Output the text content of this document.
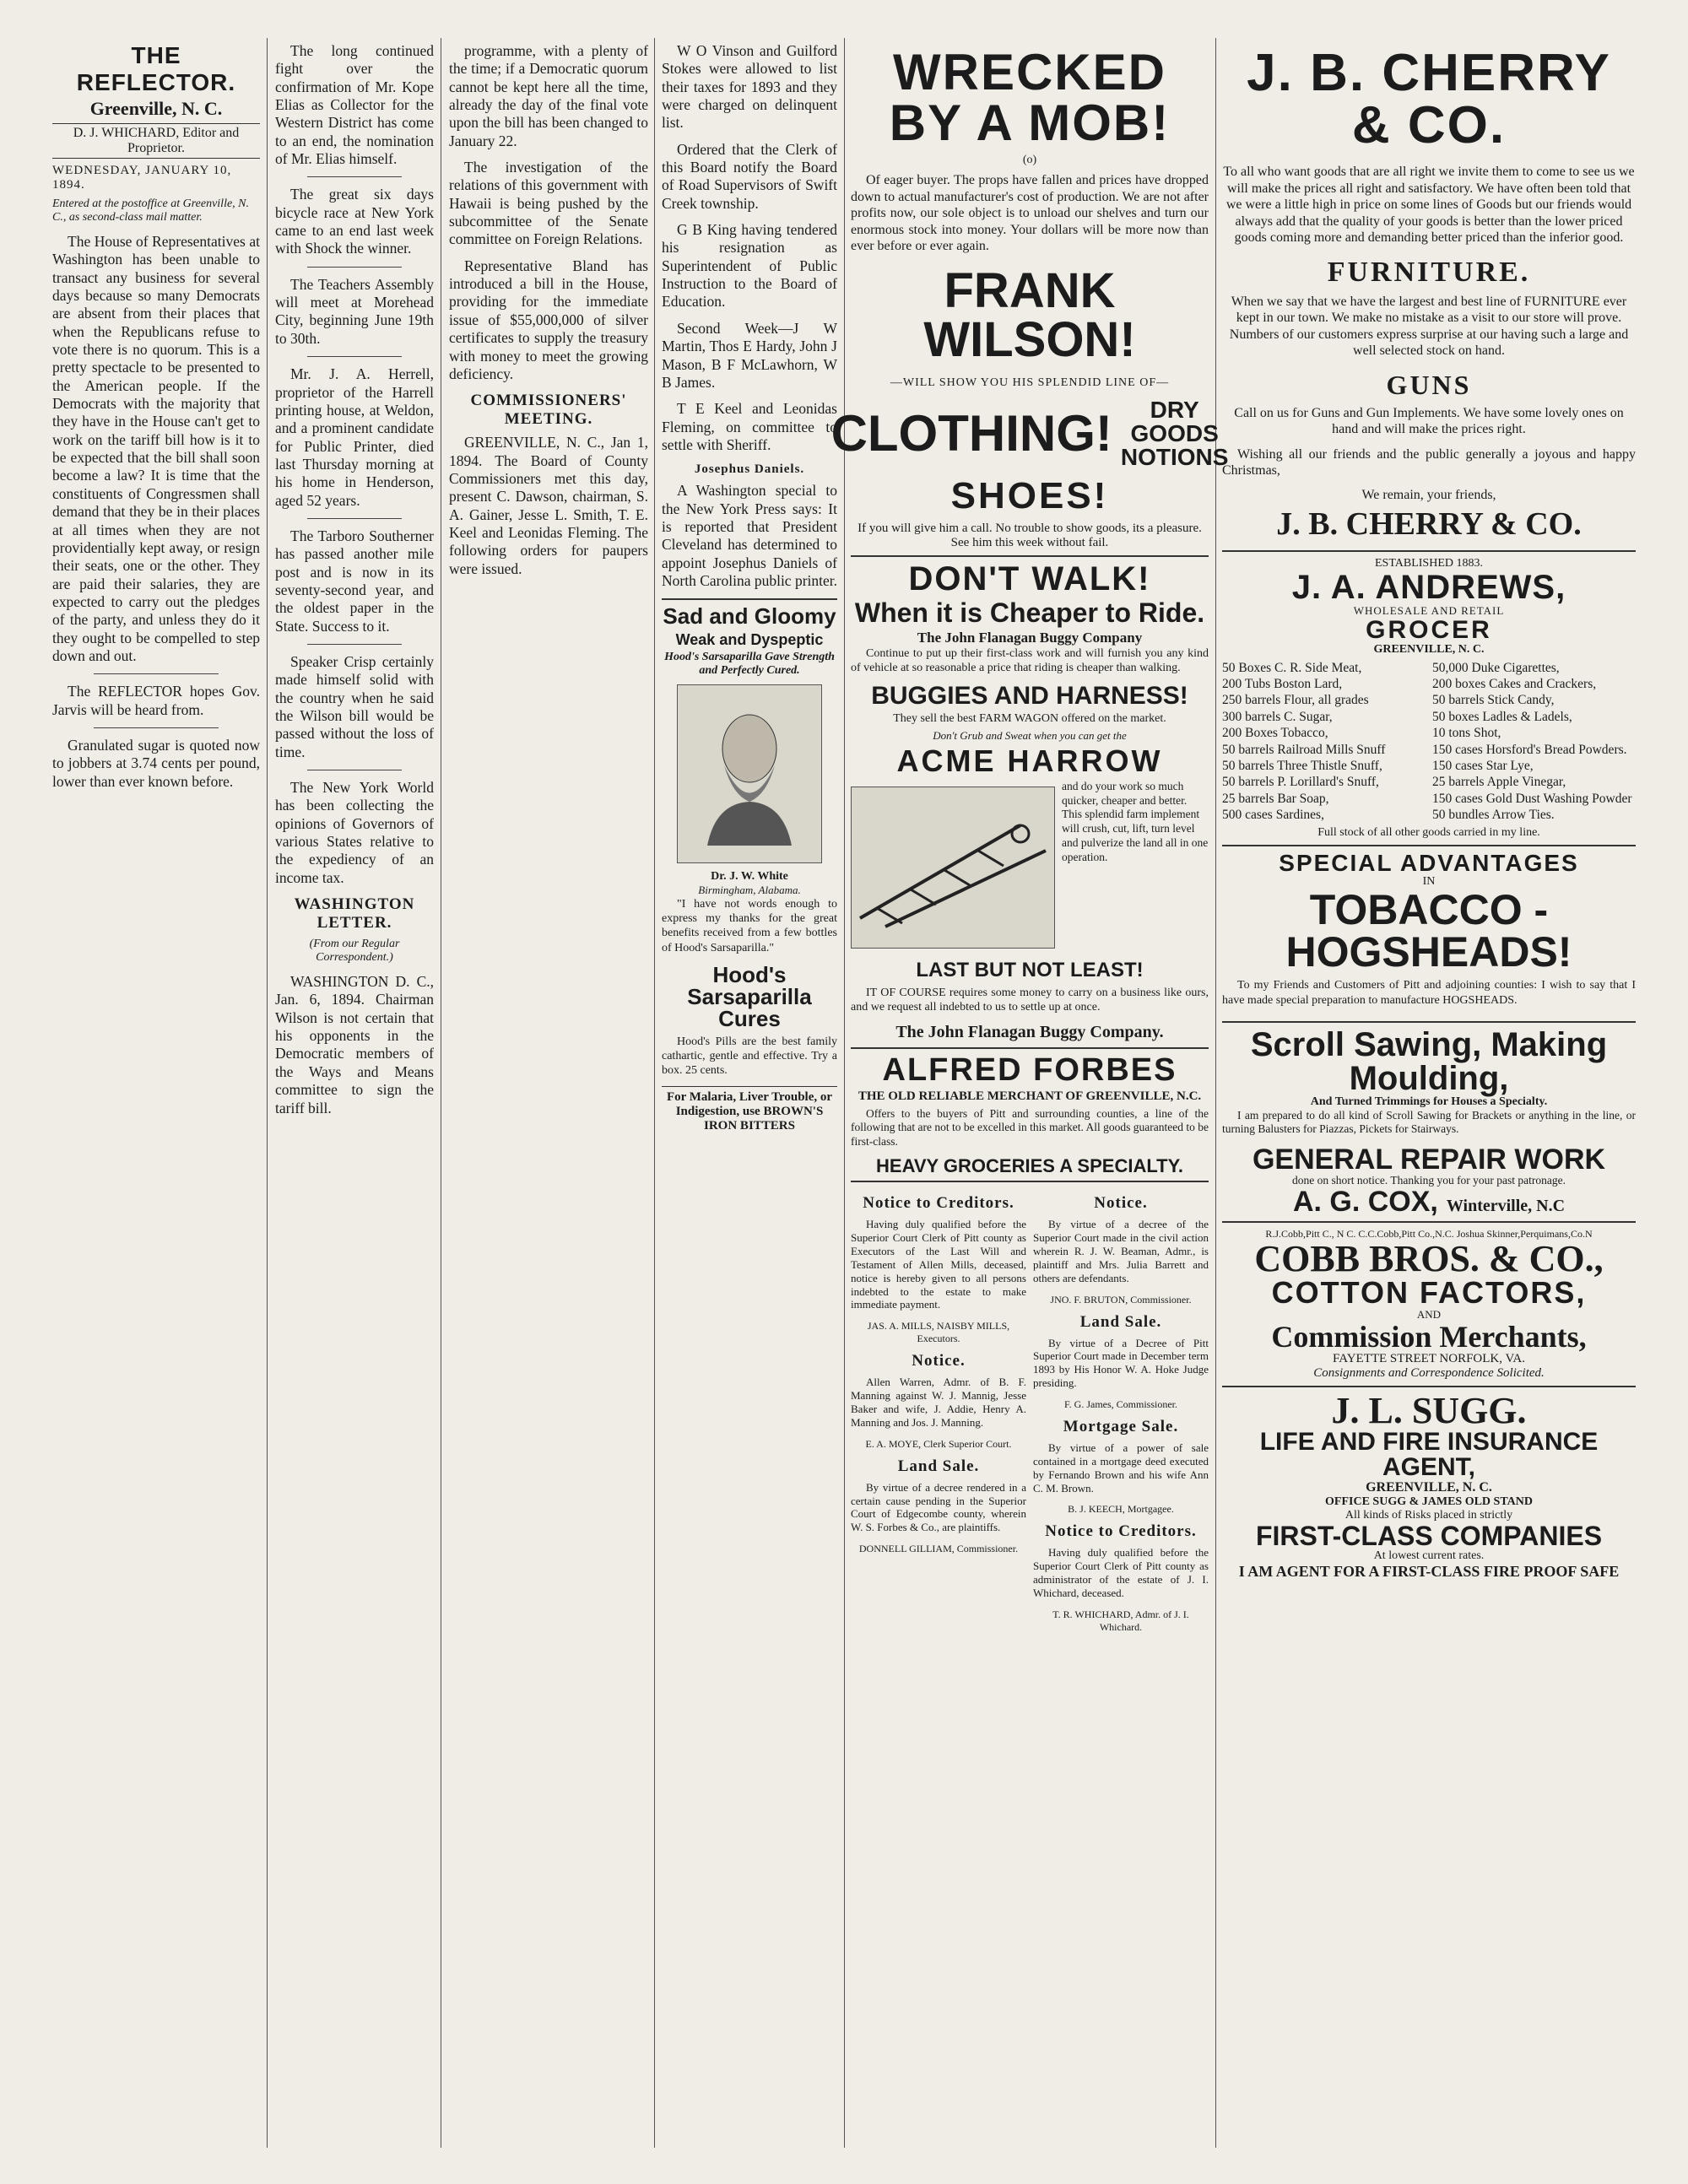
THE REFLECTOR.
Greenville, N. C.
D. J. WHICHARD, Editor and Proprietor.
WEDNESDAY, JANUARY 10, 1894.
Entered at the postoffice at Greenville, N. C., as second-class mail matter.

The House of Representatives at Washington has been unable to transact any business for several days because so many Democrats are absent from their places that when the Republicans refuse to vote there is no quorum. This is a pretty spectacle to be presented to the American people. If the Democrats with the majority that they have in the House can't get to work on the tariff bill how is it to be expected that the bill shall soon become a law? It is time that the constituents of Congressmen shall demand that they be in their places at all times when they are not providentially kept away, or resign their seats, one or the other. They are paid their salaries, they are expected to carry out the pledges of the party, and unless they do it they ought to be compelled to step down and out.

The REFLECTOR hopes Gov. Jarvis will be heard from.

Granulated sugar is quoted now to jobbers at 3.74 cents per pound, lower than ever known before.

The long continued fight over the confirmation of Mr. Kope Elias as Collector for the Western District has come to an end, the nomination of Mr. Elias himself.

The great six days bicycle race at New York came to an end last week with Shock the winner.

The Teachers Assembly will meet at Morehead City, beginning June 19th to 30th.

Mr. J. A. Herrell, proprietor of the Harrell printing house, at Weldon, and a prominent candidate for Public Printer, died last Thursday morning at his home in Henderson, aged 52 years.

The Tarboro Southerner has passed another mile post and is now in its seventy-second year, and the oldest paper in the State. Success to it.

Speaker Crisp certainly made himself solid with the country when he said the Wilson bill would be passed without the loss of time.

The New York World has been collecting the opinions of Governors of various States relative to the expediency of an income tax.

WASHINGTON LETTER.
(From our Regular Correspondent.)

WASHINGTON D. C., Jan. 6, 1894. Chairman Wilson is not certain that his opponents in the Democratic members of the Ways and Means committee to sign the tariff bill.

programme, with a plenty of the time; if a Democratic quorum cannot be kept here all the time, already the day of the final vote upon the bill has been changed to January 22.

The investigation of the relations of this government with Hawaii is being pushed by the subcommittee of the Senate committee on Foreign Relations.

Representative Bland has introduced a bill in the House, providing for the immediate issue of $55,000,000 of silver certificates to supply the treasury with money to meet the growing deficiency.

COMMISSIONERS' MEETING.

GREENVILLE, N. C., Jan 1, 1894. The Board of County Commissioners met this day, present C. Dawson, chairman, S. A. Gainer, Jesse L. Smith, T. E. Keel and Leonidas Fleming. The following orders for paupers were issued.

W O Vinson and Guilford Stokes were allowed to list their taxes for 1893 and they were charged on delinquent list.

Ordered that the Clerk of this Board notify the Board of Road Supervisors of Swift Creek township.

G B King having tendered his resignation as Superintendent of Public Instruction to the Board of Education.

Second Week—J W Martin, Thos E Hardy, John J Mason, B F McLawhorn, W B James.

T E Keel and Leonidas Fleming, on committee to settle with Sheriff.

Josephus Daniels.

A Washington special to the New York Press says: It is reported that President Cleveland has determined to appoint Josephus Daniels of North Carolina public printer.

Sad and Gloomy
Weak and Dyspeptic
Hood's Sarsaparilla Gave Strength and Perfectly Cured.
Dr. J. W. White
Birmingham, Alabama.

"I have not words enough to express my thanks for the great benefits received from a few bottles of Hood's Sarsaparilla."

Hood's Sarsaparilla Cures

Hood's Pills are the best family cathartic, gentle and effective. Try a box. 25 cents.

For Malaria, Liver Trouble, or Indigestion, use BROWN'S IRON BITTERS
WRECKED BY A MOB!
(o)

Of eager buyer. The props have fallen and prices have dropped down to actual manufacturer's cost of production. We are not after profits now, our sole object is to unload our shelves and turn our enormous stock into money. Your dollars will be more now than ever before or ever again.

FRANK WILSON!
—WILL SHOW YOU HIS SPLENDID LINE OF—
CLOTHING!	DRY GOODS
NOTIONS
SHOES!
If you will give him a call. No trouble to show goods, its a pleasure. See him this week without fail.
DON'T WALK!
When it is Cheaper to Ride.
The John Flanagan Buggy Company

Continue to put up their first-class work and will furnish you any kind of vehicle at so reasonable a price that riding is cheaper than walking.

BUGGIES AND HARNESS!
They sell the best FARM WAGON offered on the market.
Don't Grub and Sweat when you can get the
ACME HARROW
and do your work so much quicker, cheaper and better. This splendid farm implement will crush, cut, lift, turn level and pulverize the land all in one operation.
LAST BUT NOT LEAST!

IT OF COURSE requires some money to carry on a business like ours, and we request all indebted to us to settle up at once.

The John Flanagan Buggy Company.
ALFRED FORBES
THE OLD RELIABLE MERCHANT OF GREENVILLE, N.C.

Offers to the buyers of Pitt and surrounding counties, a line of the following that are not to be excelled in this market. All goods guaranteed to be first-class.

HEAVY GROCERIES A SPECIALTY.
Notice to Creditors.

Having duly qualified before the Superior Court Clerk of Pitt county as Executors of the Last Will and Testament of Allen Mills, deceased, notice is hereby given to all persons indebted to the estate to make immediate payment.

JAS. A. MILLS, NAISBY MILLS, Executors.
Notice.

Allen Warren, Admr. of B. F. Manning against W. J. Mannig, Jesse Baker and wife, J. Addie, Henry A. Manning and Jos. J. Manning.

E. A. MOYE, Clerk Superior Court.
Land Sale.

By virtue of a decree rendered in a certain cause pending in the Superior Court of Edgecombe county, wherein W. S. Forbes & Co., are plaintiffs.

DONNELL GILLIAM, Commissioner.
Notice.

By virtue of a decree of the Superior Court made in the civil action wherein R. J. W. Beaman, Admr., is plaintiff and Mrs. Julia Barrett and others are defendants.

JNO. F. BRUTON, Commissioner.
Land Sale.

By virtue of a Decree of Pitt Superior Court made in December term 1893 by His Honor W. A. Hoke Judge presiding.

F. G. James, Commissioner.
Mortgage Sale.

By virtue of a power of sale contained in a mortgage deed executed by Fernando Brown and his wife Ann C. M. Brown.

B. J. KEECH, Mortgagee.
Notice to Creditors.

Having duly qualified before the Superior Court Clerk of Pitt county as administrator of the estate of J. I. Whichard, deceased.

T. R. WHICHARD, Admr. of J. I. Whichard.
J. B. CHERRY & CO.

To all who want goods that are all right we invite them to come to see us we will make the prices all right and satisfactory. We have often been told that we were a little high in price on some lines of Goods but our friends would always add that the quality of your goods is better than the lower priced goods coming more and demanding better priced than the inferior good.

FURNITURE.

When we say that we have the largest and best line of FURNITURE ever kept in our town. We make no mistake as a visit to our store will prove. Numbers of our customers express surprise at our having such a large and well selected stock on hand.

GUNS

Call on us for Guns and Gun Implements. We have some lovely ones on hand and will make the prices right.

Wishing all our friends and the public generally a joyous and happy Christmas,

We remain, your friends,
J. B. CHERRY & CO.
ESTABLISHED 1883.
J. A. ANDREWS,
WHOLESALE AND RETAIL
GROCER
GREENVILLE, N. C.
50 Boxes C. R. Side Meat,
200 Tubs Boston Lard,
250 barrels Flour, all grades
300 barrels C. Sugar,
200 Boxes Tobacco,
50 barrels Railroad Mills Snuff
50 barrels Three Thistle Snuff,
50 barrels P. Lorillard's Snuff,
25 barrels Bar Soap,
500 cases Sardines,
50,000 Duke Cigarettes,
200 boxes Cakes and Crackers,
50 barrels Stick Candy,
50 boxes Ladles & Ladels,
10 tons Shot,
150 cases Horsford's Bread Powders.
150 cases Star Lye,
25 barrels Apple Vinegar,
150 cases Gold Dust Washing Powder
50 bundles Arrow Ties.
Full stock of all other goods carried in my line.
SPECIAL ADVANTAGES
IN
TOBACCO - HOGSHEADS!

To my Friends and Customers of Pitt and adjoining counties: I wish to say that I have made special preparation to manufacture HOGSHEADS.

Scroll Sawing, Making Moulding,
And Turned Trimmings for Houses a Specialty.

I am prepared to do all kind of Scroll Sawing for Brackets or anything in the line, or turning Balusters for Piazzas, Pickets for Stairways.

GENERAL REPAIR WORK
done on short notice. Thanking you for your past patronage.
A. G. COX, Winterville, N.C
R.J.Cobb,Pitt C., N C. C.C.Cobb,Pitt Co.,N.C. Joshua Skinner,Perquimans,Co.N
COBB BROS. & CO.,
COTTON FACTORS,
AND
Commission Merchants,
FAYETTE STREET NORFOLK, VA.
Consignments and Correspondence Solicited.
J. L. SUGG.
LIFE AND FIRE INSURANCE AGENT,
GREENVILLE, N. C.
OFFICE SUGG & JAMES OLD STAND
All kinds of Risks placed in strictly
FIRST-CLASS COMPANIES
At lowest current rates.
I AM AGENT FOR A FIRST-CLASS FIRE PROOF SAFE
